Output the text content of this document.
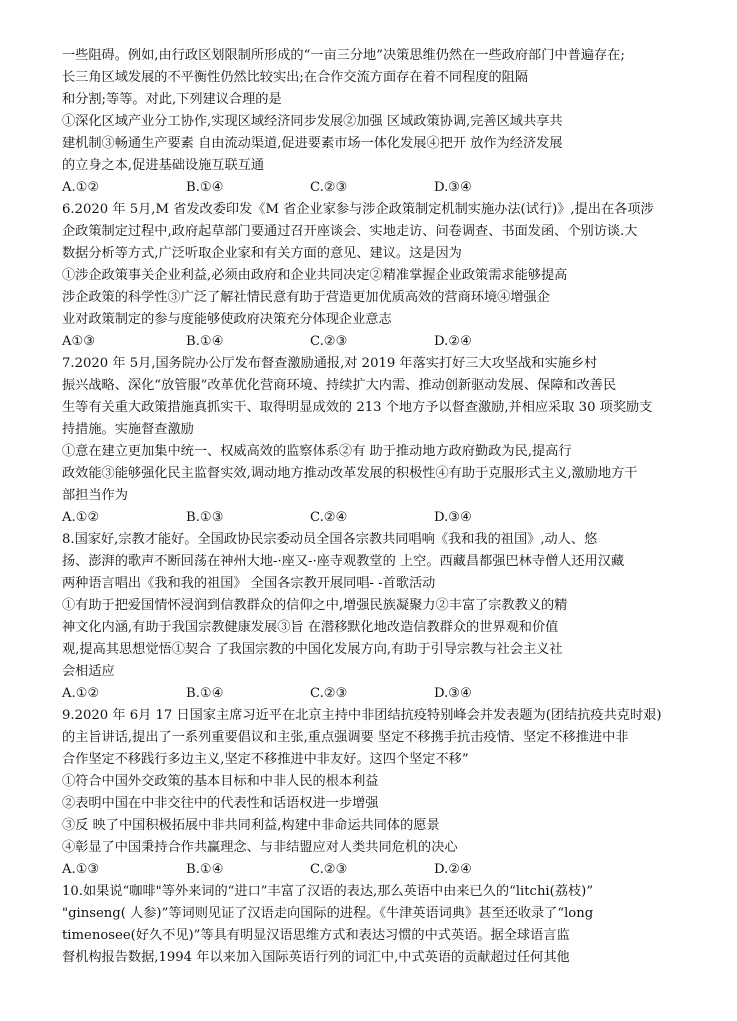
一些阻碍。例如,由行政区划限制所形成的“一亩三分地”决策思维仍然在一些政府部门中普遍存在;
长三角区域发展的不平衡性仍然比较实出;在合作交流方面存在着不同程度的阻隔
和分割;等等。对此,下列建议合理的是
①深化区域产业分工协作,实现区域经济同步发展②加强 区域政策协调,完善区域共享共
建机制③畅通生产要素 自由流动渠道,促进要素市场一体化发展④把开 放作为经济发展
的立身之本,促进基础设施互联互通
A.①②	B.①④	C.②③	D.③④
6.2020 年 5月,M 省发改委印发《M 省企业家参与涉企政策制定机制实施办法(试行)》,提出在各项涉
企政策制定过程中,政府起草部门要通过召开座谈会、实地走访、问卷调查、书面发函、个别访谈.大
数据分析等方式,广泛听取企业家和有关方面的意见、建议。这是因为
①涉企政策事关企业利益,必须由政府和企业共同决定②精准掌握企业政策需求能够提高
涉企政策的科学性③广泛了解社情民意有助于营造更加优质高效的营商环境④增强企
业对政策制定的参与度能够使政府决策充分体现企业意志
A①③	B.①④	C.②③	D.②④
7.2020 年 5月,国务院办公厅发布督查激励通报,对 2019 年落实打好三大攻坚战和实施乡村
振兴战略、深化“放管服”改革优化营商环境、持续扩大内需、推动创新驱动发展、保障和改善民
生等有关重大政策措施真抓实干、取得明显成效的 213 个地方予以督查激励,并相应采取 30 项奖励支
持措施。实施督查激励
①意在建立更加集中统一、权威高效的监察体系②有 助于推动地方政府勤政为民,提高行
政效能③能够强化民主监督实效,调动地方推动改革发展的积极性④有助于克服形式主义,激励地方干
部担当作为
A.①②	B.①③	C.②④	D.③④
8.国家好,宗教才能好。全国政协民宗委动员全国各宗教共同唱响《我和我的祖国》,动人、悠
扬、澎湃的歌声不断回荡在神州大地-·座又-·座寺观教堂的 上空。西藏昌都强巴林寺僧人还用汉藏
两种语言唱出《我和我的祖国》 全国各宗教开展同唱- -首歌活动
①有助于把爱国情怀浸润到信教群众的信仰之中,增强民族凝聚力②丰富了宗教教义的精
神文化内涵,有助于我国宗教健康发展③旨 在潜移默化地改造信教群众的世界观和价值
观,提高其思想觉悟①契合 了我国宗教的中国化发展方向,有助于引导宗教与社会主义社
会相适应
A.①②	B.①④	C.②③	D.③④
9.2020 年 6月 17 日国家主席习近平在北京主持中非团结抗疫特别峰会并发表题为(团结抗疫共克时艰)
的主旨讲话,提出了一系列重要倡议和主张,重点强调要 坚定不移携手抗击疫情、坚定不移推进中非
合作坚定不移践行多边主义,坚定不移推进中非友好。这四个坚定不移”
①符合中国外交政策的基本目标和中非人民的根本利益
②表明中国在中非交往中的代表性和话语权进一步增强
③反 映了中国积极拓展中非共同利益,构建中非命运共同体的愿景
④彰显了中国秉持合作共赢理念、与非结盟应对人类共同危机的决心
A.①③	B.①④	C.②③	D.②④
10.如果说“咖啡"等外来词的“进口”丰富了汉语的表达,那么英语中由来已久的“litchi(荔枝)”
"ginseng( 人参)”等词则见证了汉语走向国际的进程。《牛津英语词典》甚至还收录了“long
timenosee(好久不见)”等具有明显汉语思维方式和表达习惯的中式英语。据全球语言监
督机构报告数据,1994 年以来加入国际英语行列的词汇中,中式英语的贡献超过任何其他
